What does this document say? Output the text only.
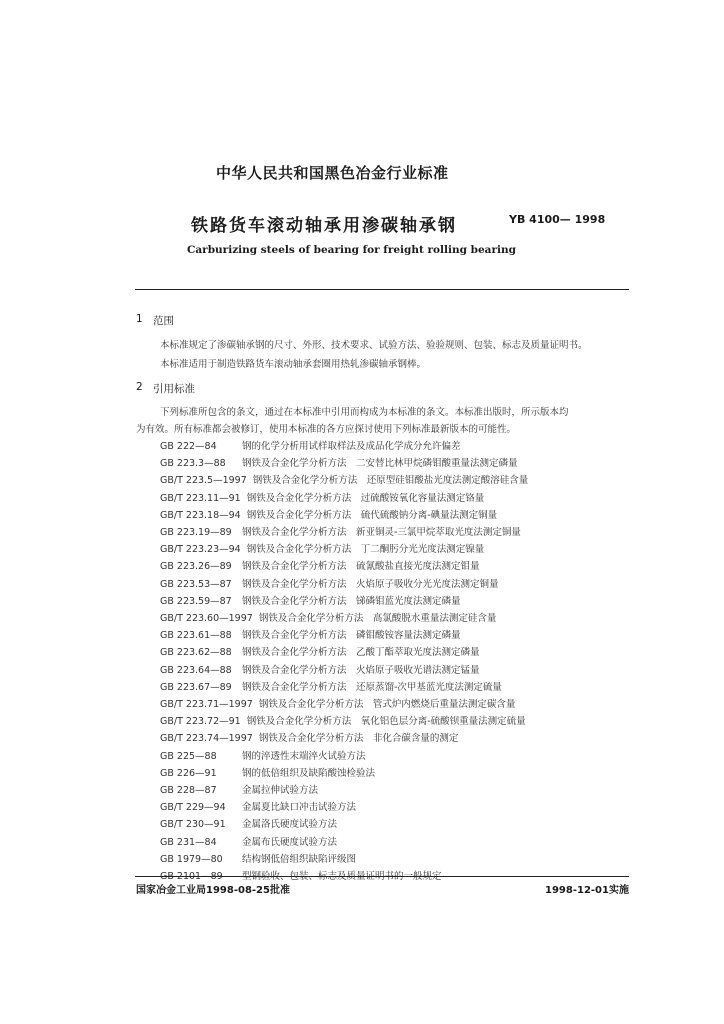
中华人民共和国黑色冶金行业标准
铁路货车滚动轴承用渗碳轴承钢	YB 4100— 1998
Carburizing steels of bearing for freight rolling bearing
1 范围
本标准规定了渗碳轴承钢的尺寸、外形、技术要求、试验方法、验验规则、包装、标志及质量证明书。
本标准适用于制造铁路货车滚动轴承套圈用热轧渗碳轴承钢棒。
2 引用标准
下列标准所包含的条文，通过在本标准中引用而构成为本标准的条文。本标准出版时，所示版本均
为有效。所有标准都会被修订，使用本标准的各方应探讨使用下列标准最新版本的可能性。
GB 222—84	钢的化学分析用试样取样法及成品化学成分允许偏差
GB 223.3—88 钢铁及合金化学分析方法　二安替比林甲烷磷钼酸重量法测定磷量
GB/T 223.5—1997 钢铁及合金化学分析方法　还原型硅钼酸盐光度法测定酸溶硅含量
GB/T 223.11—91 钢铁及合金化学分析方法　过硫酸铵氧化容量法测定铬量
GB/T 223.18—94 钢铁及合金化学分析方法　硫代硫酸钠分离-碘量法测定铜量
GB 223.19—89 钢铁及合金化学分析方法　新亚铜灵-三氯甲烷萃取光度法测定铜量
GB/T 223.23—94 钢铁及合金化学分析方法　丁二酮肟分光光度法测定镍量
GB 223.26—89 钢铁及合金化学分析方法　硫氰酸盐直接光度法测定钼量
GB 223.53—87 钢铁及合金化学分析方法　火焰原子吸收分光光度法测定铜量
GB 223.59—87 钢铁及合金化学分析方法　锑磷钼蓝光度法测定磷量
GB/T 223.60—1997 钢铁及合金化学分析方法　高氯酸脱水重量法测定硅含量
GB 223.61—88 钢铁及合金化学分析方法　磷钼酸铵容量法测定磷量
GB 223.62—88 钢铁及合金化学分析方法　乙酸丁酯萃取光度法测定磷量
GB 223.64—88 钢铁及合金化学分析方法　火焰原子吸收光谱法测定锰量
GB 223.67—89 钢铁及合金化学分析方法　还原蒸馏-次甲基蓝光度法测定硫量
GB/T 223.71—1997 钢铁及合金化学分析方法　管式炉内燃烧后重量法测定碳含量
GB/T 223.72—91 钢铁及合金化学分析方法　氧化铝色层分离-硫酸钡重量法测定硫量
GB/T 223.74—1997 钢铁及合金化学分析方法　非化合碳含量的测定
GB 225—88	钢的淬透性末端淬火试验方法
GB 226—91	钢的低倍组织及缺陷酸蚀检验法
GB 228—87	金属拉伸试验方法
GB/T 229—94 金属夏比缺口冲击试验方法
GB/T 230—91 金属洛氏硬度试验方法
GB 231—84	金属布氏硬度试验方法
GB 1979—80 结构钢低倍组织缺陷评级图
国家冶金工业局1998-08-25批准	1998-12-01实施
